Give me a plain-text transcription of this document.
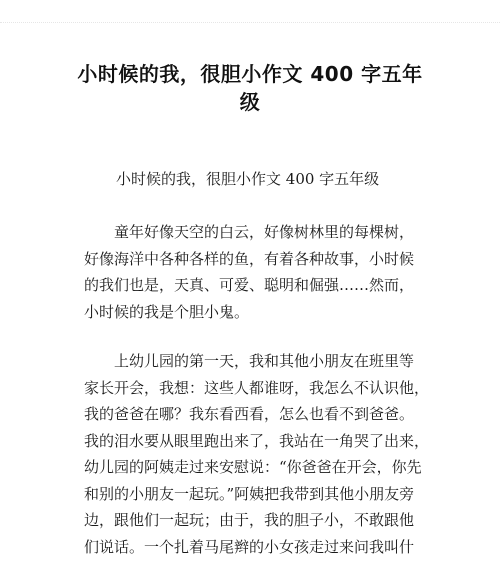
小时候的我，很胆小作文 400 字五年
级
小时候的我，很胆小作文 400 字五年级
　　童年好像天空的白云，好像树林里的每棵树，
好像海洋中各种各样的鱼，有着各种故事，小时候
的我们也是，天真、可爱、聪明和倔强……然而，
小时候的我是个胆小鬼。
　　上幼儿园的第一天，我和其他小朋友在班里等
家长开会，我想：这些人都谁呀，我怎么不认识他，
我的爸爸在哪？我东看西看，怎么也看不到爸爸。
我的泪水要从眼里跑出来了，我站在一角哭了出来，
幼儿园的阿姨走过来安慰说：“你爸爸在开会，你先
和别的小朋友一起玩。”阿姨把我带到其他小朋友旁
边，跟他们一起玩；由于，我的胆子小，不敢跟他
们说话。一个扎着马尾辫的小女孩走过来问我叫什
